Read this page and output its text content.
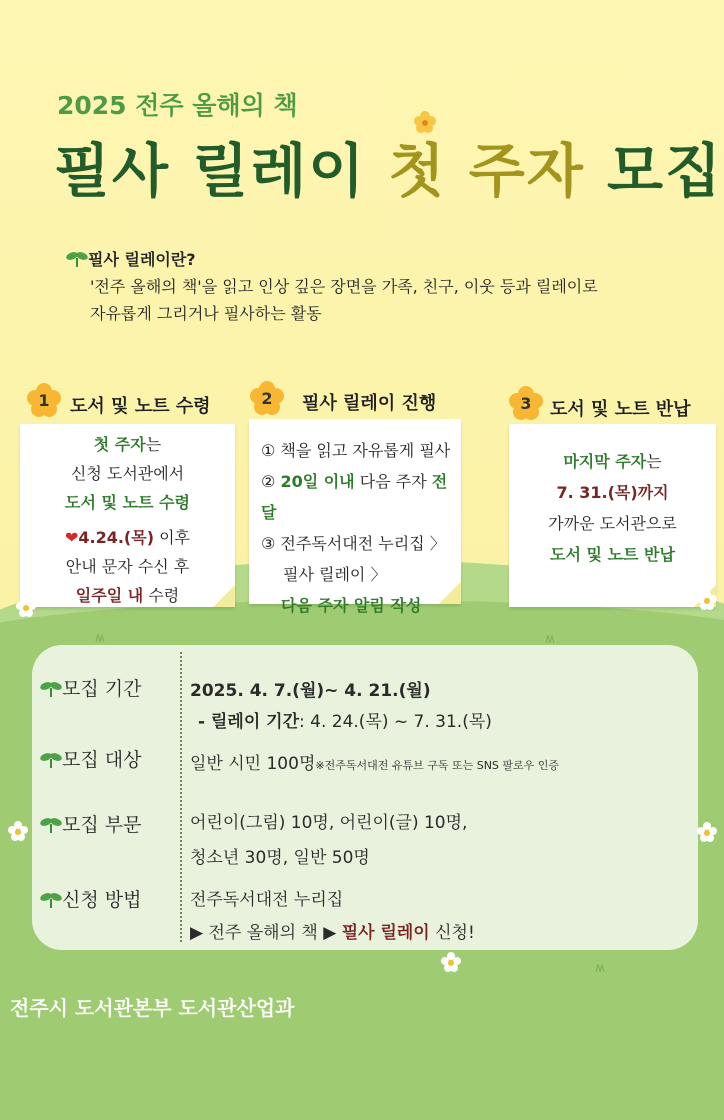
2025 전주 올해의 책
필사 릴레이 첫 주자 모집
필사 릴레이란?
'전주 올해의 책'을 읽고 인상 깊은 장면을 가족, 친구, 이웃 등과 릴레이로
자유롭게 그리거나 필사하는 활동
1	도서 및 노트 수령
첫 주자는
신청 도서관에서
도서 및 노트 수령
❤4.24.(목) 이후
안내 문자 수신 후
일주일 내 수령
2	필사 릴레이 진행
① 책을 읽고 자유롭게 필사
② 20일 이내 다음 주자 전달
③ 전주독서대전 누리집 〉
필사 릴레이 〉
다음 주자 알림 작성
3	도서 및 노트 반납
마지막 주자는
7. 31.(목)까지
가까운 도서관으로
도서 및 노트 반납
모집 기간	2025. 4. 7.(월)~ 4. 21.(월)
- 릴레이 기간: 4. 24.(목) ~ 7. 31.(목)
모집 대상	일반 시민 100명※전주독서대전 유튜브 구독 또는 SNS 팔로우 인증
모집 부문	어린이(그림) 10명, 어린이(글) 10명,
청소년 30명, 일반 50명
신청 방법	전주독서대전 누리집
▶ 전주 올해의 책 ▶ 필사 릴레이 신청!
전주시 도서관본부 도서관산업과
